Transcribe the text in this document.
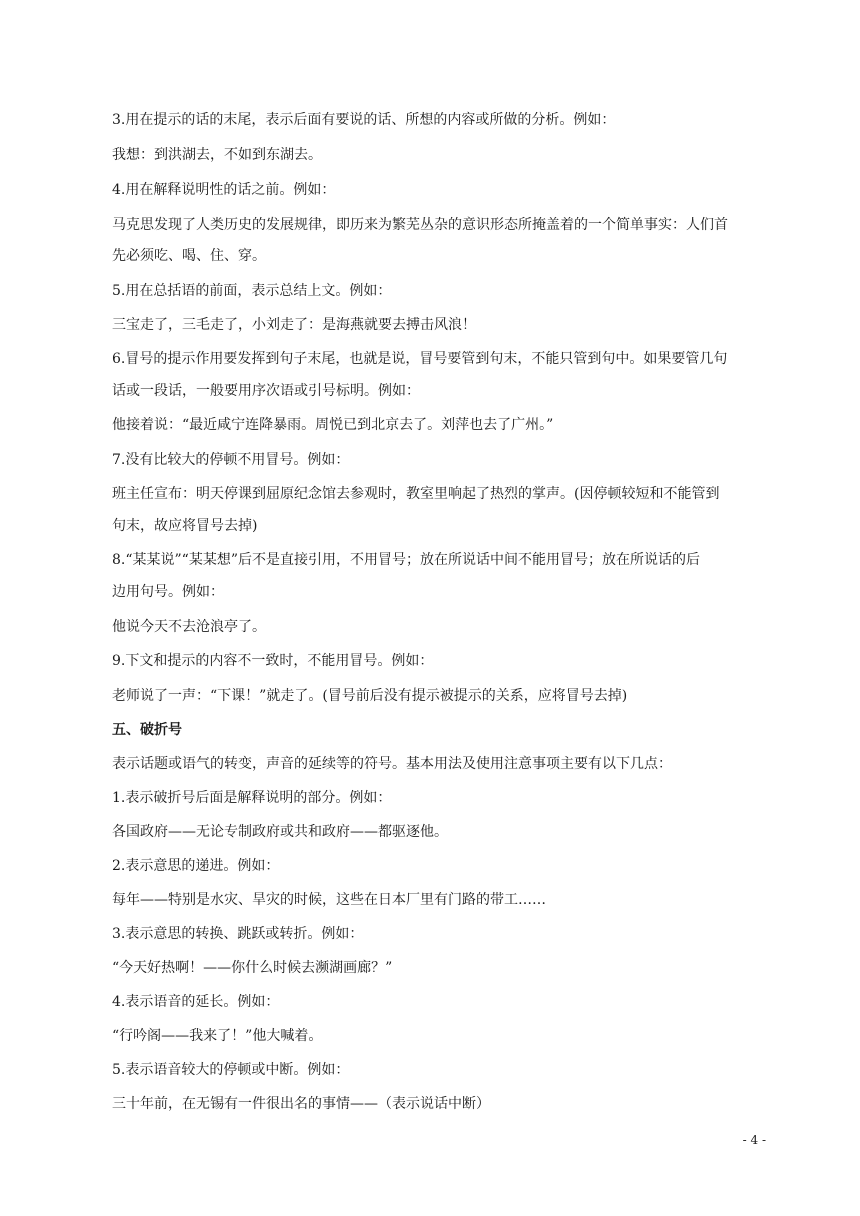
3.用在提示的话的末尾，表示后面有要说的话、所想的内容或所做的分析。例如：
我想：到洪湖去，不如到东湖去。
4.用在解释说明性的话之前。例如：
马克思发现了人类历史的发展规律，即历来为繁芜丛杂的意识形态所掩盖着的一个简单事实：人们首
先必须吃、喝、住、穿。
5.用在总括语的前面，表示总结上文。例如：
三宝走了，三毛走了，小刘走了：是海燕就要去搏击风浪！
6.冒号的提示作用要发挥到句子末尾，也就是说，冒号要管到句末，不能只管到句中。如果要管几句
话或一段话，一般要用序次语或引号标明。例如：
他接着说：“最近咸宁连降暴雨。周悦已到北京去了。刘萍也去了广州。”
7.没有比较大的停顿不用冒号。例如：
班主任宣布：明天停课到屈原纪念馆去参观时，教室里响起了热烈的掌声。(因停顿较短和不能管到
句末，故应将冒号去掉)
8.“某某说”“某某想”后不是直接引用，不用冒号；放在所说话中间不能用冒号；放在所说话的后
边用句号。例如：
他说今天不去沧浪亭了。
9.下文和提示的内容不一致时，不能用冒号。例如：
老师说了一声：“下课！”就走了。(冒号前后没有提示被提示的关系，应将冒号去掉)
五、破折号
表示话题或语气的转变，声音的延续等的符号。基本用法及使用注意事项主要有以下几点：
1.表示破折号后面是解释说明的部分。例如：
各国政府——无论专制政府或共和政府——都驱逐他。
2.表示意思的递进。例如：
每年——特别是水灾、旱灾的时候，这些在日本厂里有门路的带工……
3.表示意思的转换、跳跃或转折。例如：
“今天好热啊！——你什么时候去濒湖画廊？”
4.表示语音的延长。例如：
“行吟阁——我来了！”他大喊着。
5.表示语音较大的停顿或中断。例如：
三十年前，在无锡有一件很出名的事情——（表示说话中断）
- 4 -
